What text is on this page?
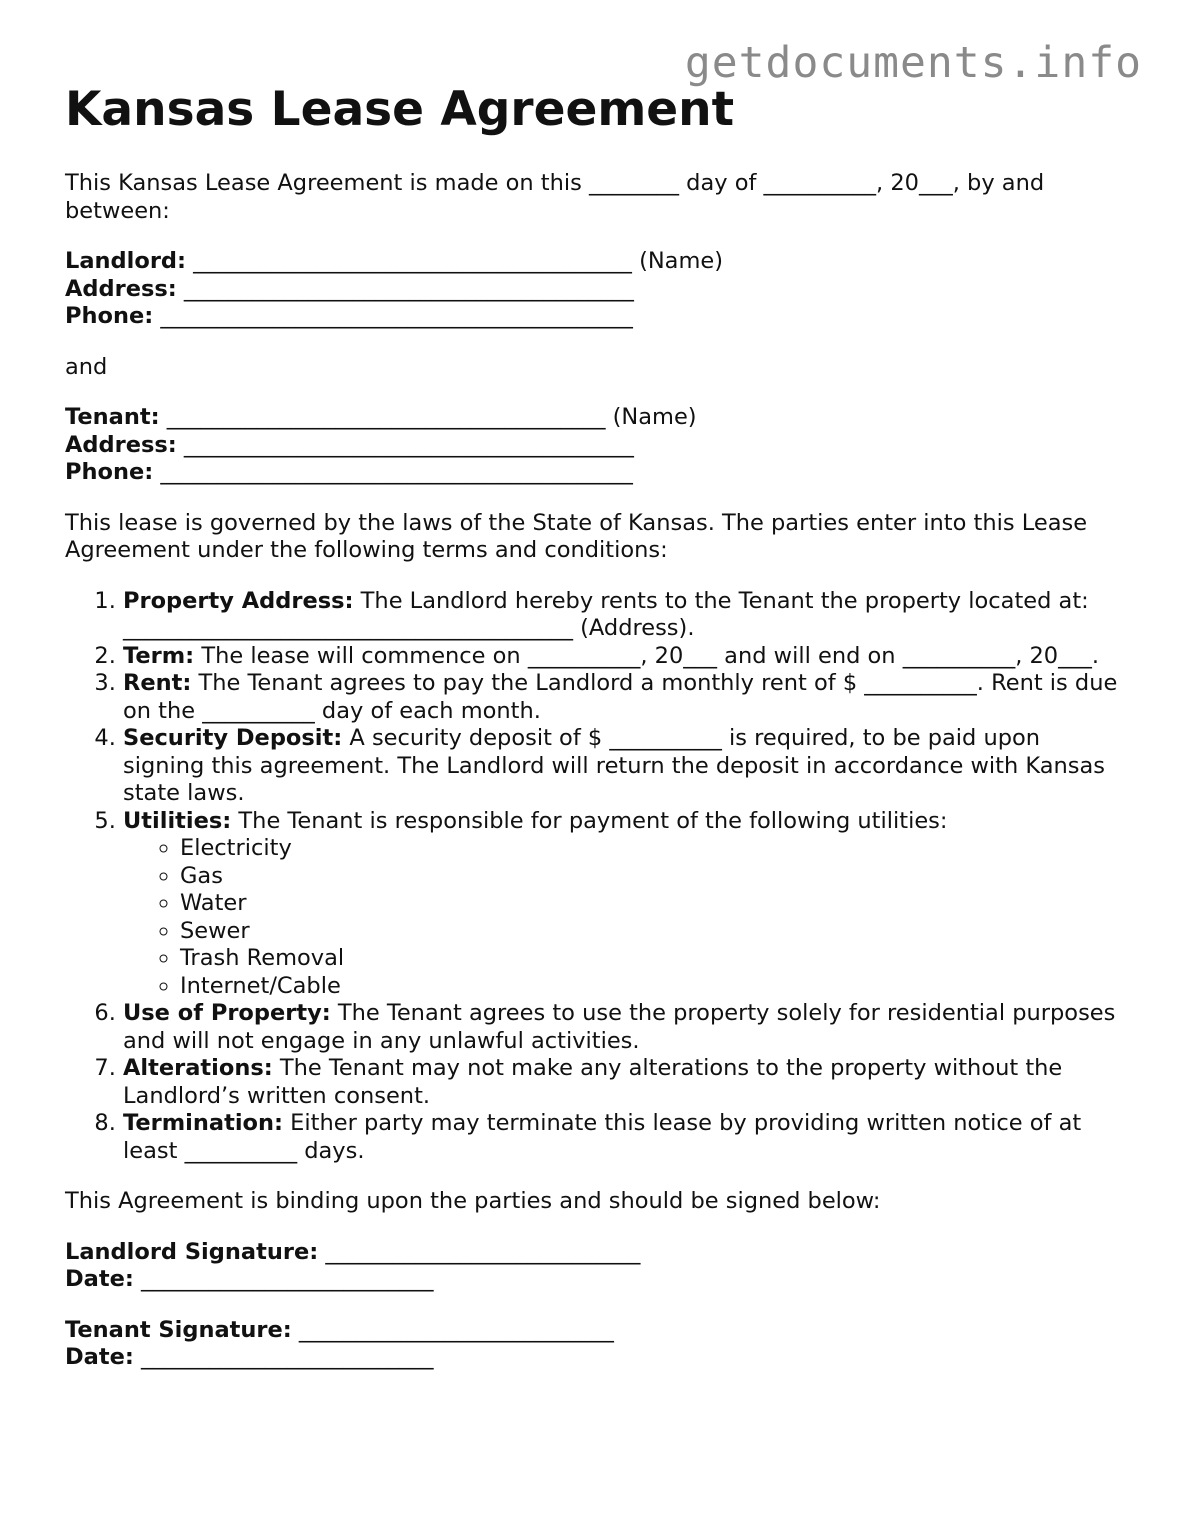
getdocuments.info
Kansas Lease Agreement

This Kansas Lease Agreement is made on this ________ day of __________, 20___, by and between:

Landlord: _______________________________________ (Name)
Address: ________________________________________
Phone: __________________________________________

and

Tenant: _______________________________________ (Name)
Address: ________________________________________
Phone: __________________________________________

This lease is governed by the laws of the State of Kansas. The parties enter into this Lease Agreement under the following terms and conditions:

1. Property Address: The Landlord hereby rents to the Tenant the property located at: ________________________________________ (Address).
2. Term: The lease will commence on __________, 20___ and will end on __________, 20___.
3. Rent: The Tenant agrees to pay the Landlord a monthly rent of $ __________. Rent is due on the __________ day of each month.
4. Security Deposit: A security deposit of $ __________ is required, to be paid upon signing this agreement. The Landlord will return the deposit in accordance with Kansas state laws.
5. Utilities: The Tenant is responsible for payment of the following utilities:
◦ Electricity
◦ Gas
◦ Water
◦ Sewer
◦ Trash Removal
◦ Internet/Cable
6. Use of Property: The Tenant agrees to use the property solely for residential purposes and will not engage in any unlawful activities.
7. Alterations: The Tenant may not make any alterations to the property without the Landlord’s written consent.
8. Termination: Either party may terminate this lease by providing written notice of at least __________ days.

This Agreement is binding upon the parties and should be signed below:

Landlord Signature: ____________________________
Date: __________________________
Tenant Signature: ____________________________
Date: __________________________
